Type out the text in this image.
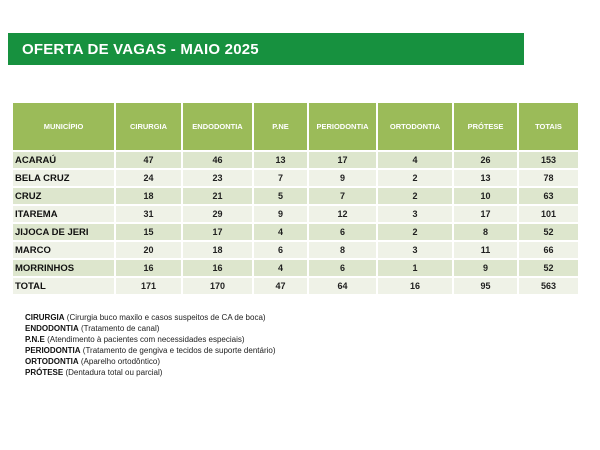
OFERTA DE VAGAS - MAIO 2025
MUNICÍPIO	CIRURGIA	ENDODONTIA	P.NE	PERIODONTIA	ORTODONTIA	PRÓTESE	TOTAIS
ACARAÚ	47	46	13	17	4	26	153
BELA CRUZ	24	23	7	9	2	13	78
CRUZ	18	21	5	7	2	10	63
ITAREMA	31	29	9	12	3	17	101
JIJOCA DE JERI	15	17	4	6	2	8	52
MARCO	20	18	6	8	3	11	66
MORRINHOS	16	16	4	6	1	9	52
TOTAL	171	170	47	64	16	95	563
CIRURGIA (Cirurgia buco maxilo e casos suspeitos de CA de boca)
ENDODONTIA (Tratamento de canal)
P.N.E (Atendimento à pacientes com necessidades especiais)
PERIODONTIA (Tratamento de gengiva e tecidos de suporte dentário)
ORTODONTIA (Aparelho ortodôntico)
PRÓTESE (Dentadura total ou parcial)
